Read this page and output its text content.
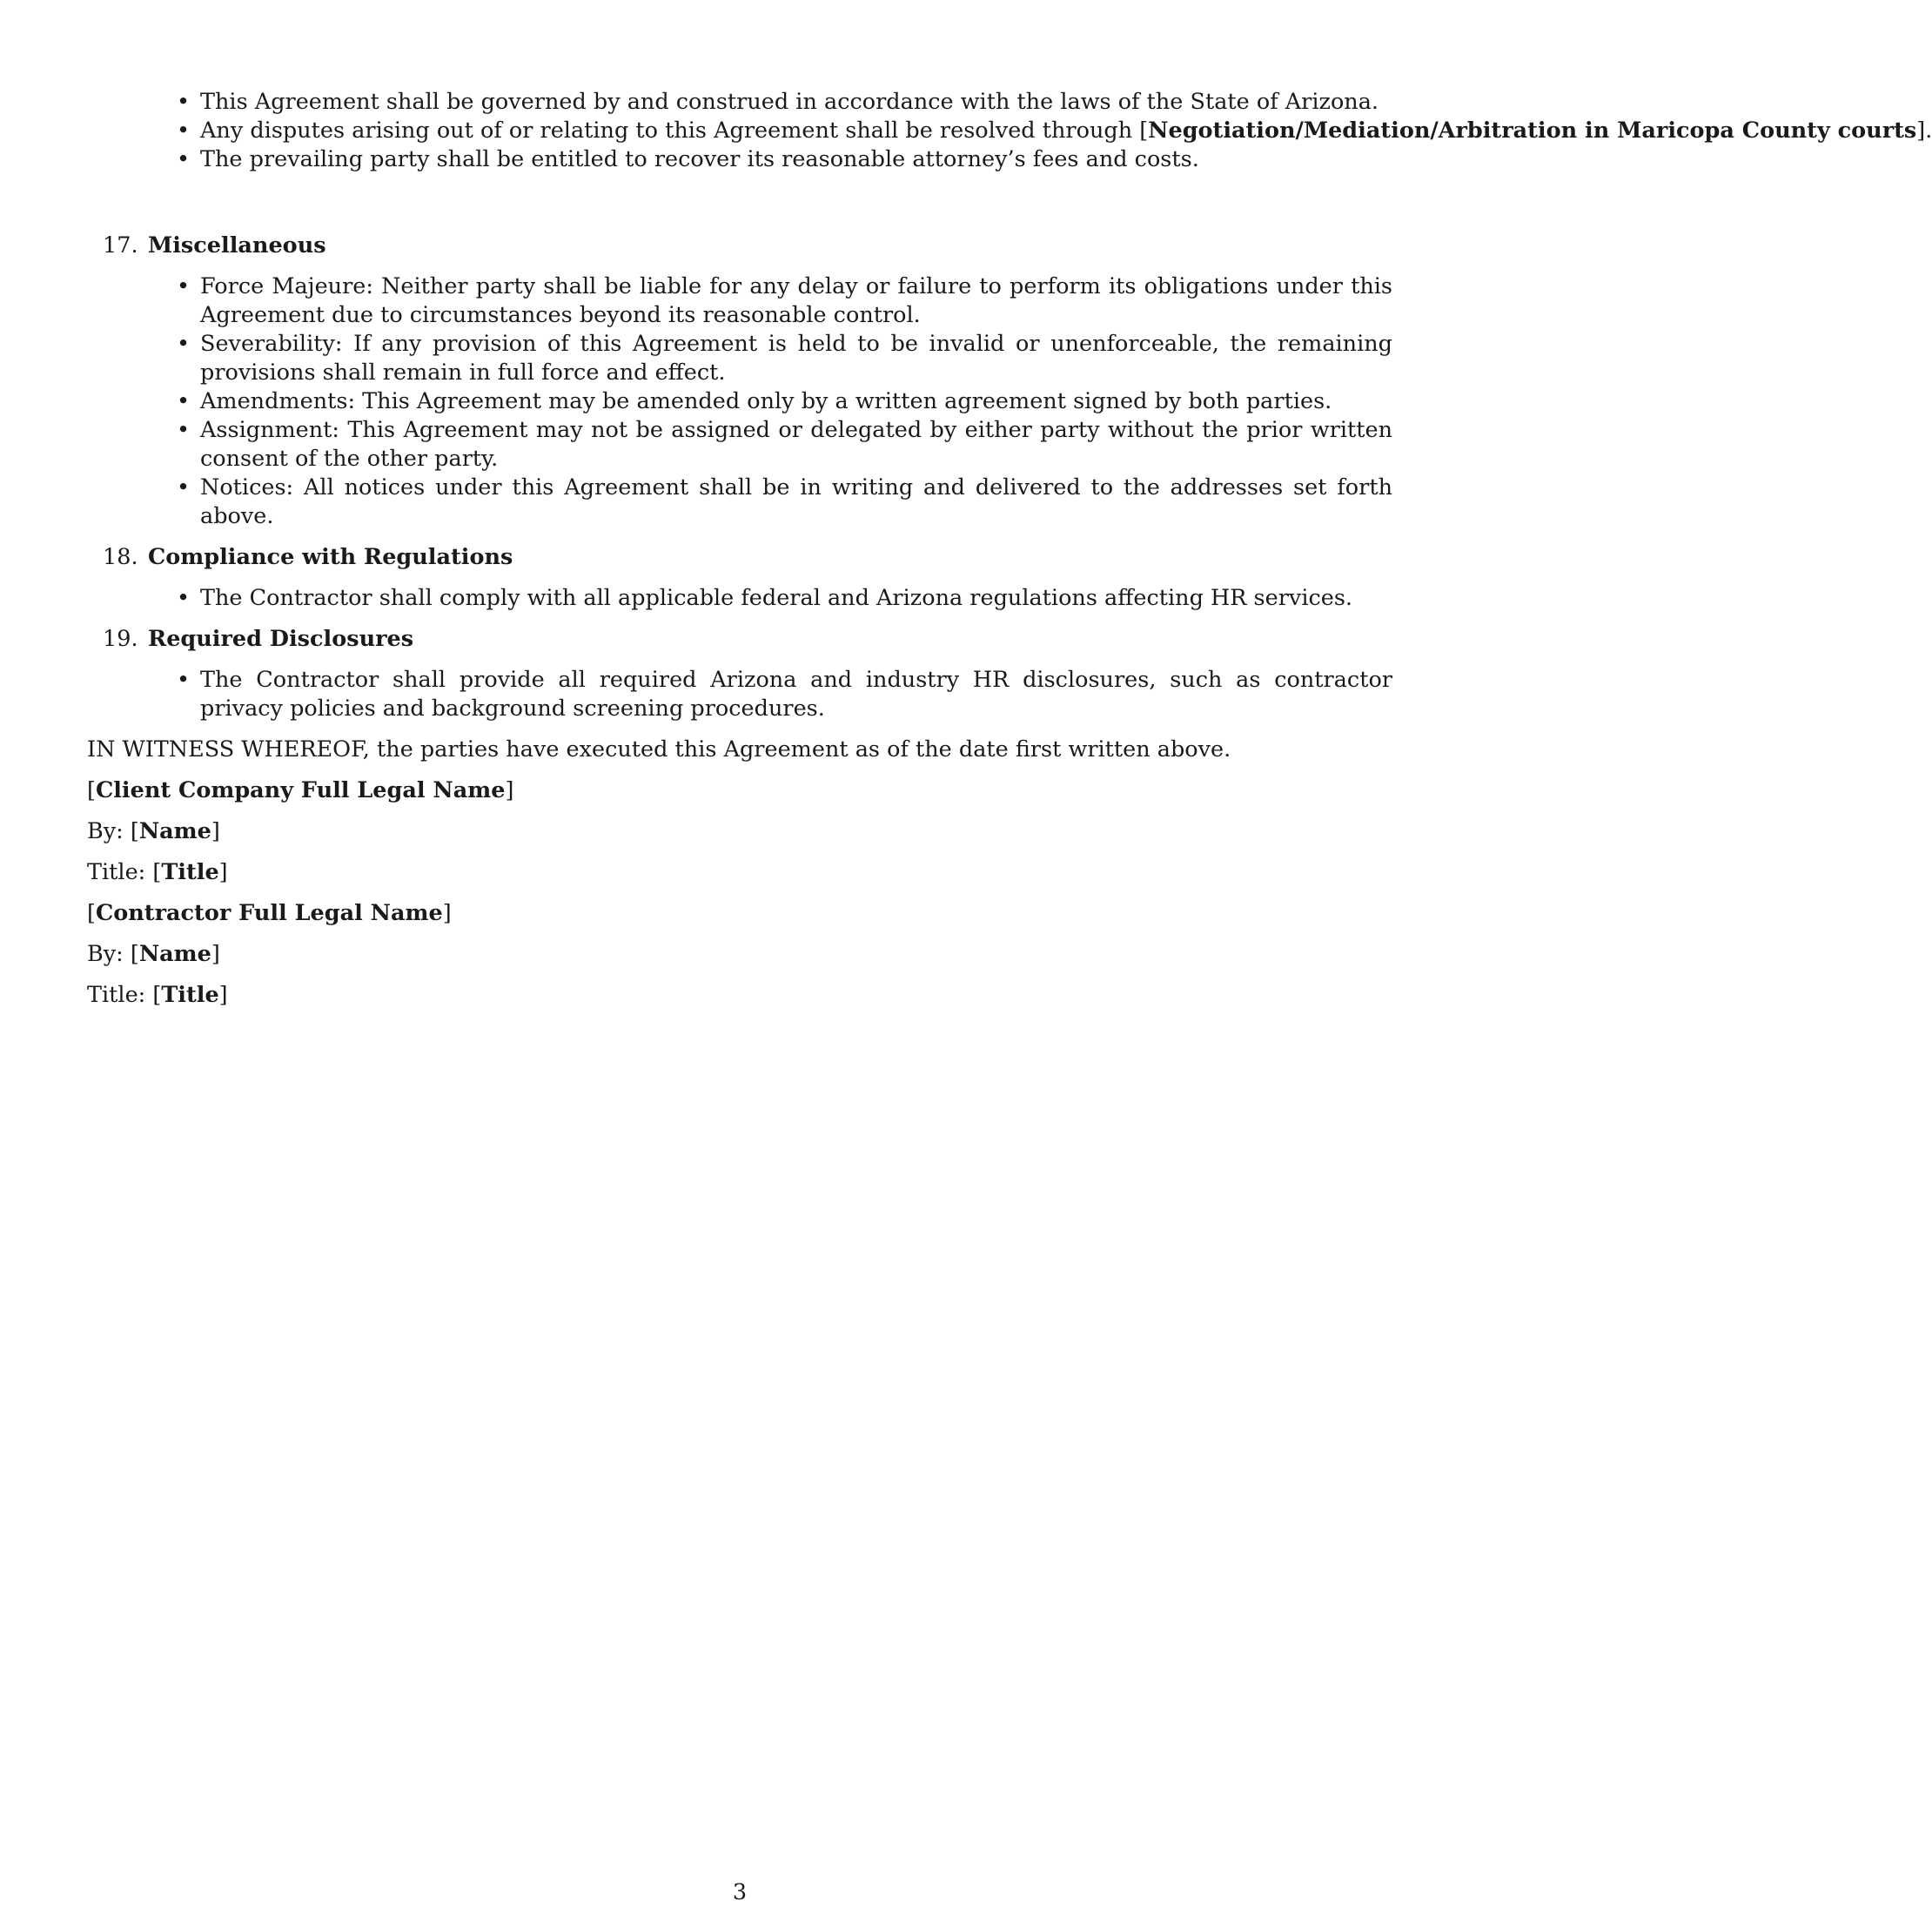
• This Agreement shall be governed by and construed in accordance with the laws of the State of Arizona.
• Any disputes arising out of or relating to this Agreement shall be resolved through [Negotiation/Mediation/Arbitration in Maricopa County courts].
• The prevailing party shall be entitled to recover its reasonable attorney’s fees and costs.
17. Miscellaneous
• Force Majeure: Neither party shall be liable for any delay or failure to perform its obligations under this Agreement due to circumstances beyond its reasonable control.
• Severability: If any provision of this Agreement is held to be invalid or unenforceable, the remaining provisions shall remain in full force and effect.
• Amendments: This Agreement may be amended only by a written agreement signed by both parties.
• Assignment: This Agreement may not be assigned or delegated by either party without the prior written consent of the other party.
• Notices: All notices under this Agreement shall be in writing and delivered to the addresses set forth above.
18. Compliance with Regulations
• The Contractor shall comply with all applicable federal and Arizona regulations affecting HR services.
19. Required Disclosures
• The Contractor shall provide all required Arizona and industry HR disclosures, such as contractor privacy policies and background screening procedures.
IN WITNESS WHEREOF, the parties have executed this Agreement as of the date first written above.
[Client Company Full Legal Name]
By: [Name]
Title: [Title]
[Contractor Full Legal Name]
By: [Name]
Title: [Title]
3
